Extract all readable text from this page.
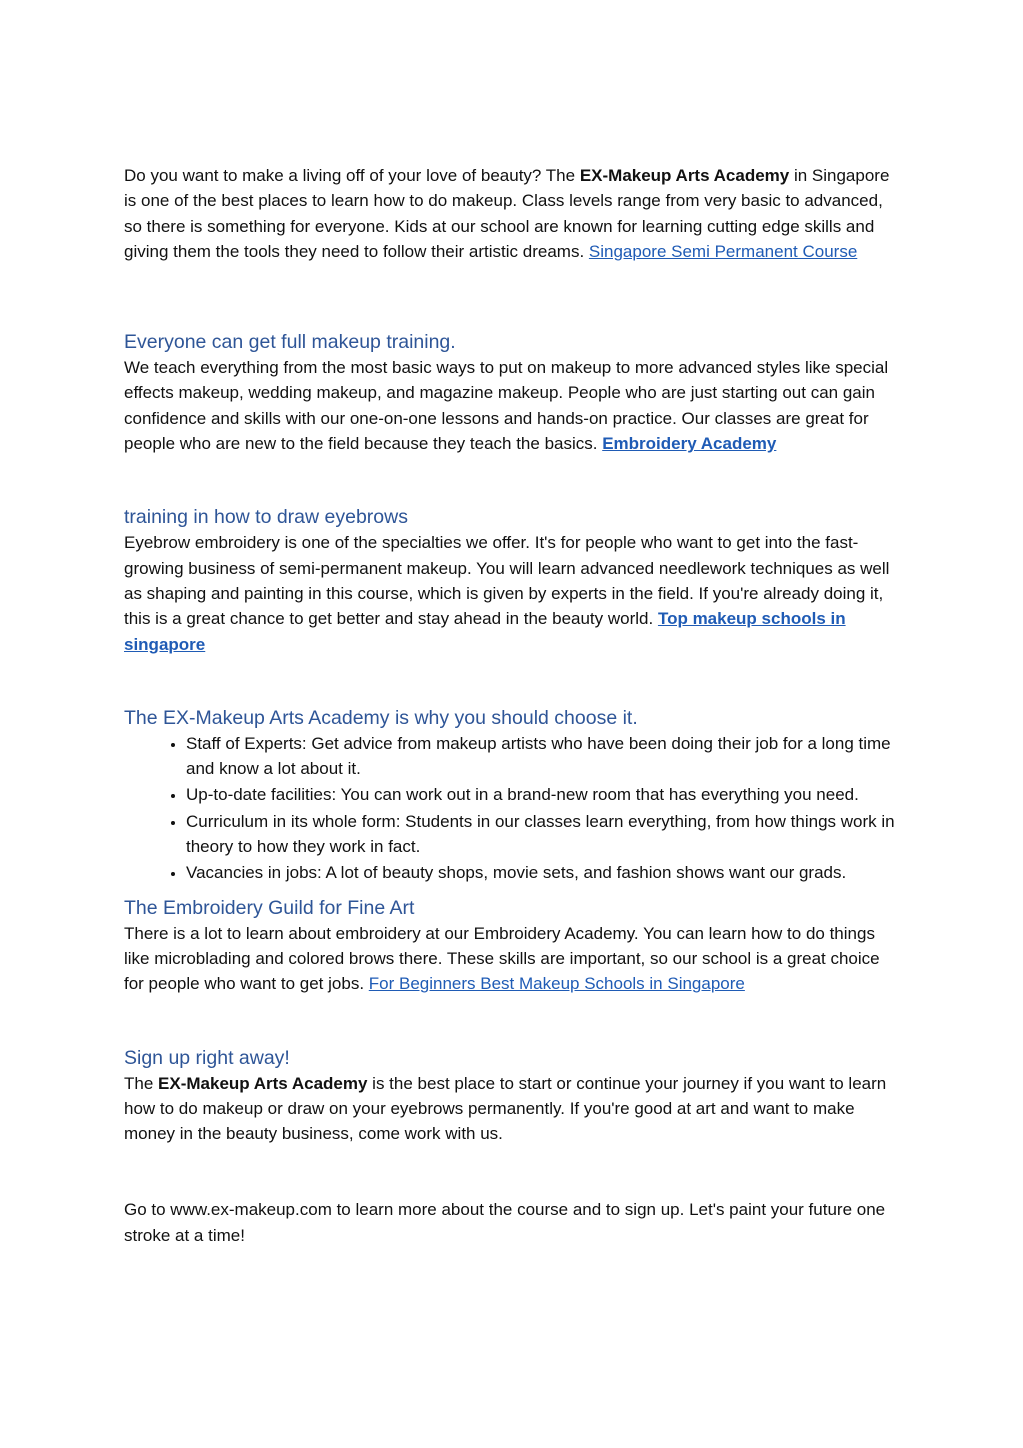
Do you want to make a living off of your love of beauty? The EX-Makeup Arts Academy in Singapore is one of the best places to learn how to do makeup. Class levels range from very basic to advanced, so there is something for everyone. Kids at our school are known for learning cutting edge skills and giving them the tools they need to follow their artistic dreams. Singapore Semi Permanent Course

Everyone can get full makeup training.

We teach everything from the most basic ways to put on makeup to more advanced styles like special effects makeup, wedding makeup, and magazine makeup. People who are just starting out can gain confidence and skills with our one-on-one lessons and hands-on practice. Our classes are great for people who are new to the field because they teach the basics. Embroidery Academy

training in how to draw eyebrows

Eyebrow embroidery is one of the specialties we offer. It's for people who want to get into the fast-growing business of semi-permanent makeup. You will learn advanced needlework techniques as well as shaping and painting in this course, which is given by experts in the field. If you're already doing it, this is a great chance to get better and stay ahead in the beauty world. Top makeup schools in singapore

The EX-Makeup Arts Academy is why you should choose it.
• Staff of Experts: Get advice from makeup artists who have been doing their job for a long time and know a lot about it.
• Up-to-date facilities: You can work out in a brand-new room that has everything you need.
• Curriculum in its whole form: Students in our classes learn everything, from how things work in theory to how they work in fact.
• Vacancies in jobs: A lot of beauty shops, movie sets, and fashion shows want our grads.
The Embroidery Guild for Fine Art

There is a lot to learn about embroidery at our Embroidery Academy. You can learn how to do things like microblading and colored brows there. These skills are important, so our school is a great choice for people who want to get jobs. For Beginners Best Makeup Schools in Singapore

Sign up right away!

The EX-Makeup Arts Academy is the best place to start or continue your journey if you want to learn how to do makeup or draw on your eyebrows permanently. If you're good at art and want to make money in the beauty business, come work with us.

Go to www.ex-makeup.com to learn more about the course and to sign up. Let's paint your future one stroke at a time!
